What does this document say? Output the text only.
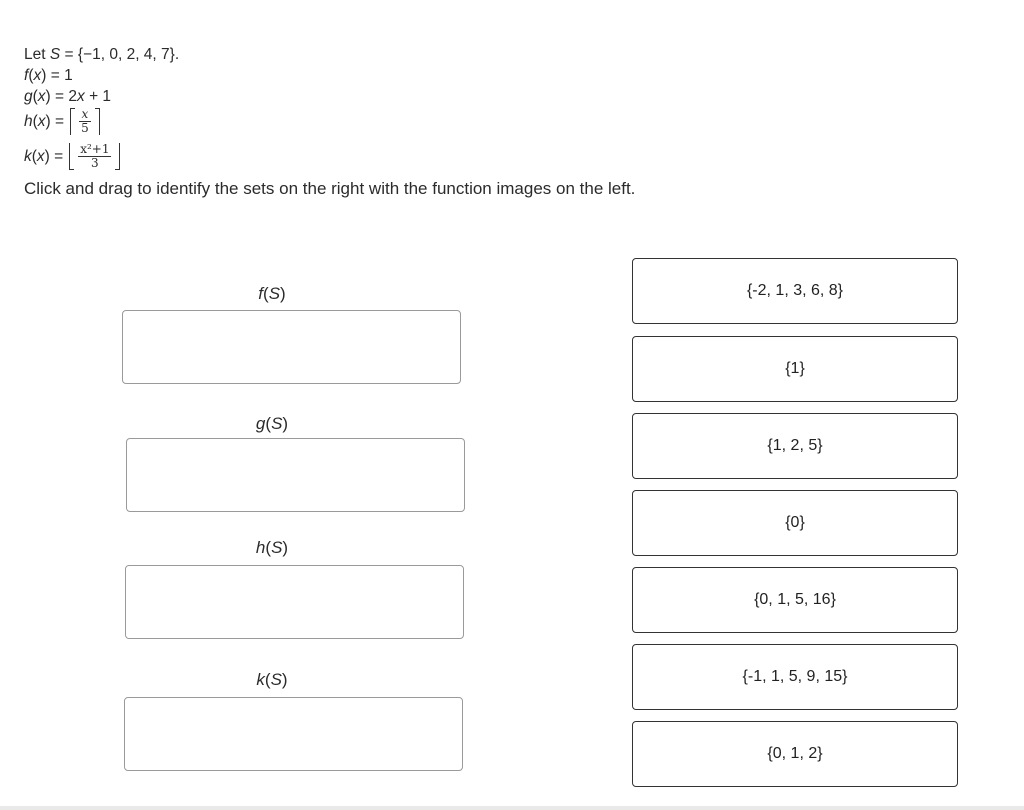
Let S = {−1, 0, 2, 4, 7}.
f(x) = 1
g(x) = 2x + 1
$h(x) = \frac{x}{5}$
$k(x) = \frac{\text{x²+1}}{3}$
Click and drag to identify the sets on the right with the function images on the left.
f(S)
g(S)
h(S)
k(S)
{-2, 1, 3, 6, 8}
{1}
{1, 2, 5}
{0}
{0, 1, 5, 16}
{-1, 1, 5, 9, 15}
{0, 1, 2}
